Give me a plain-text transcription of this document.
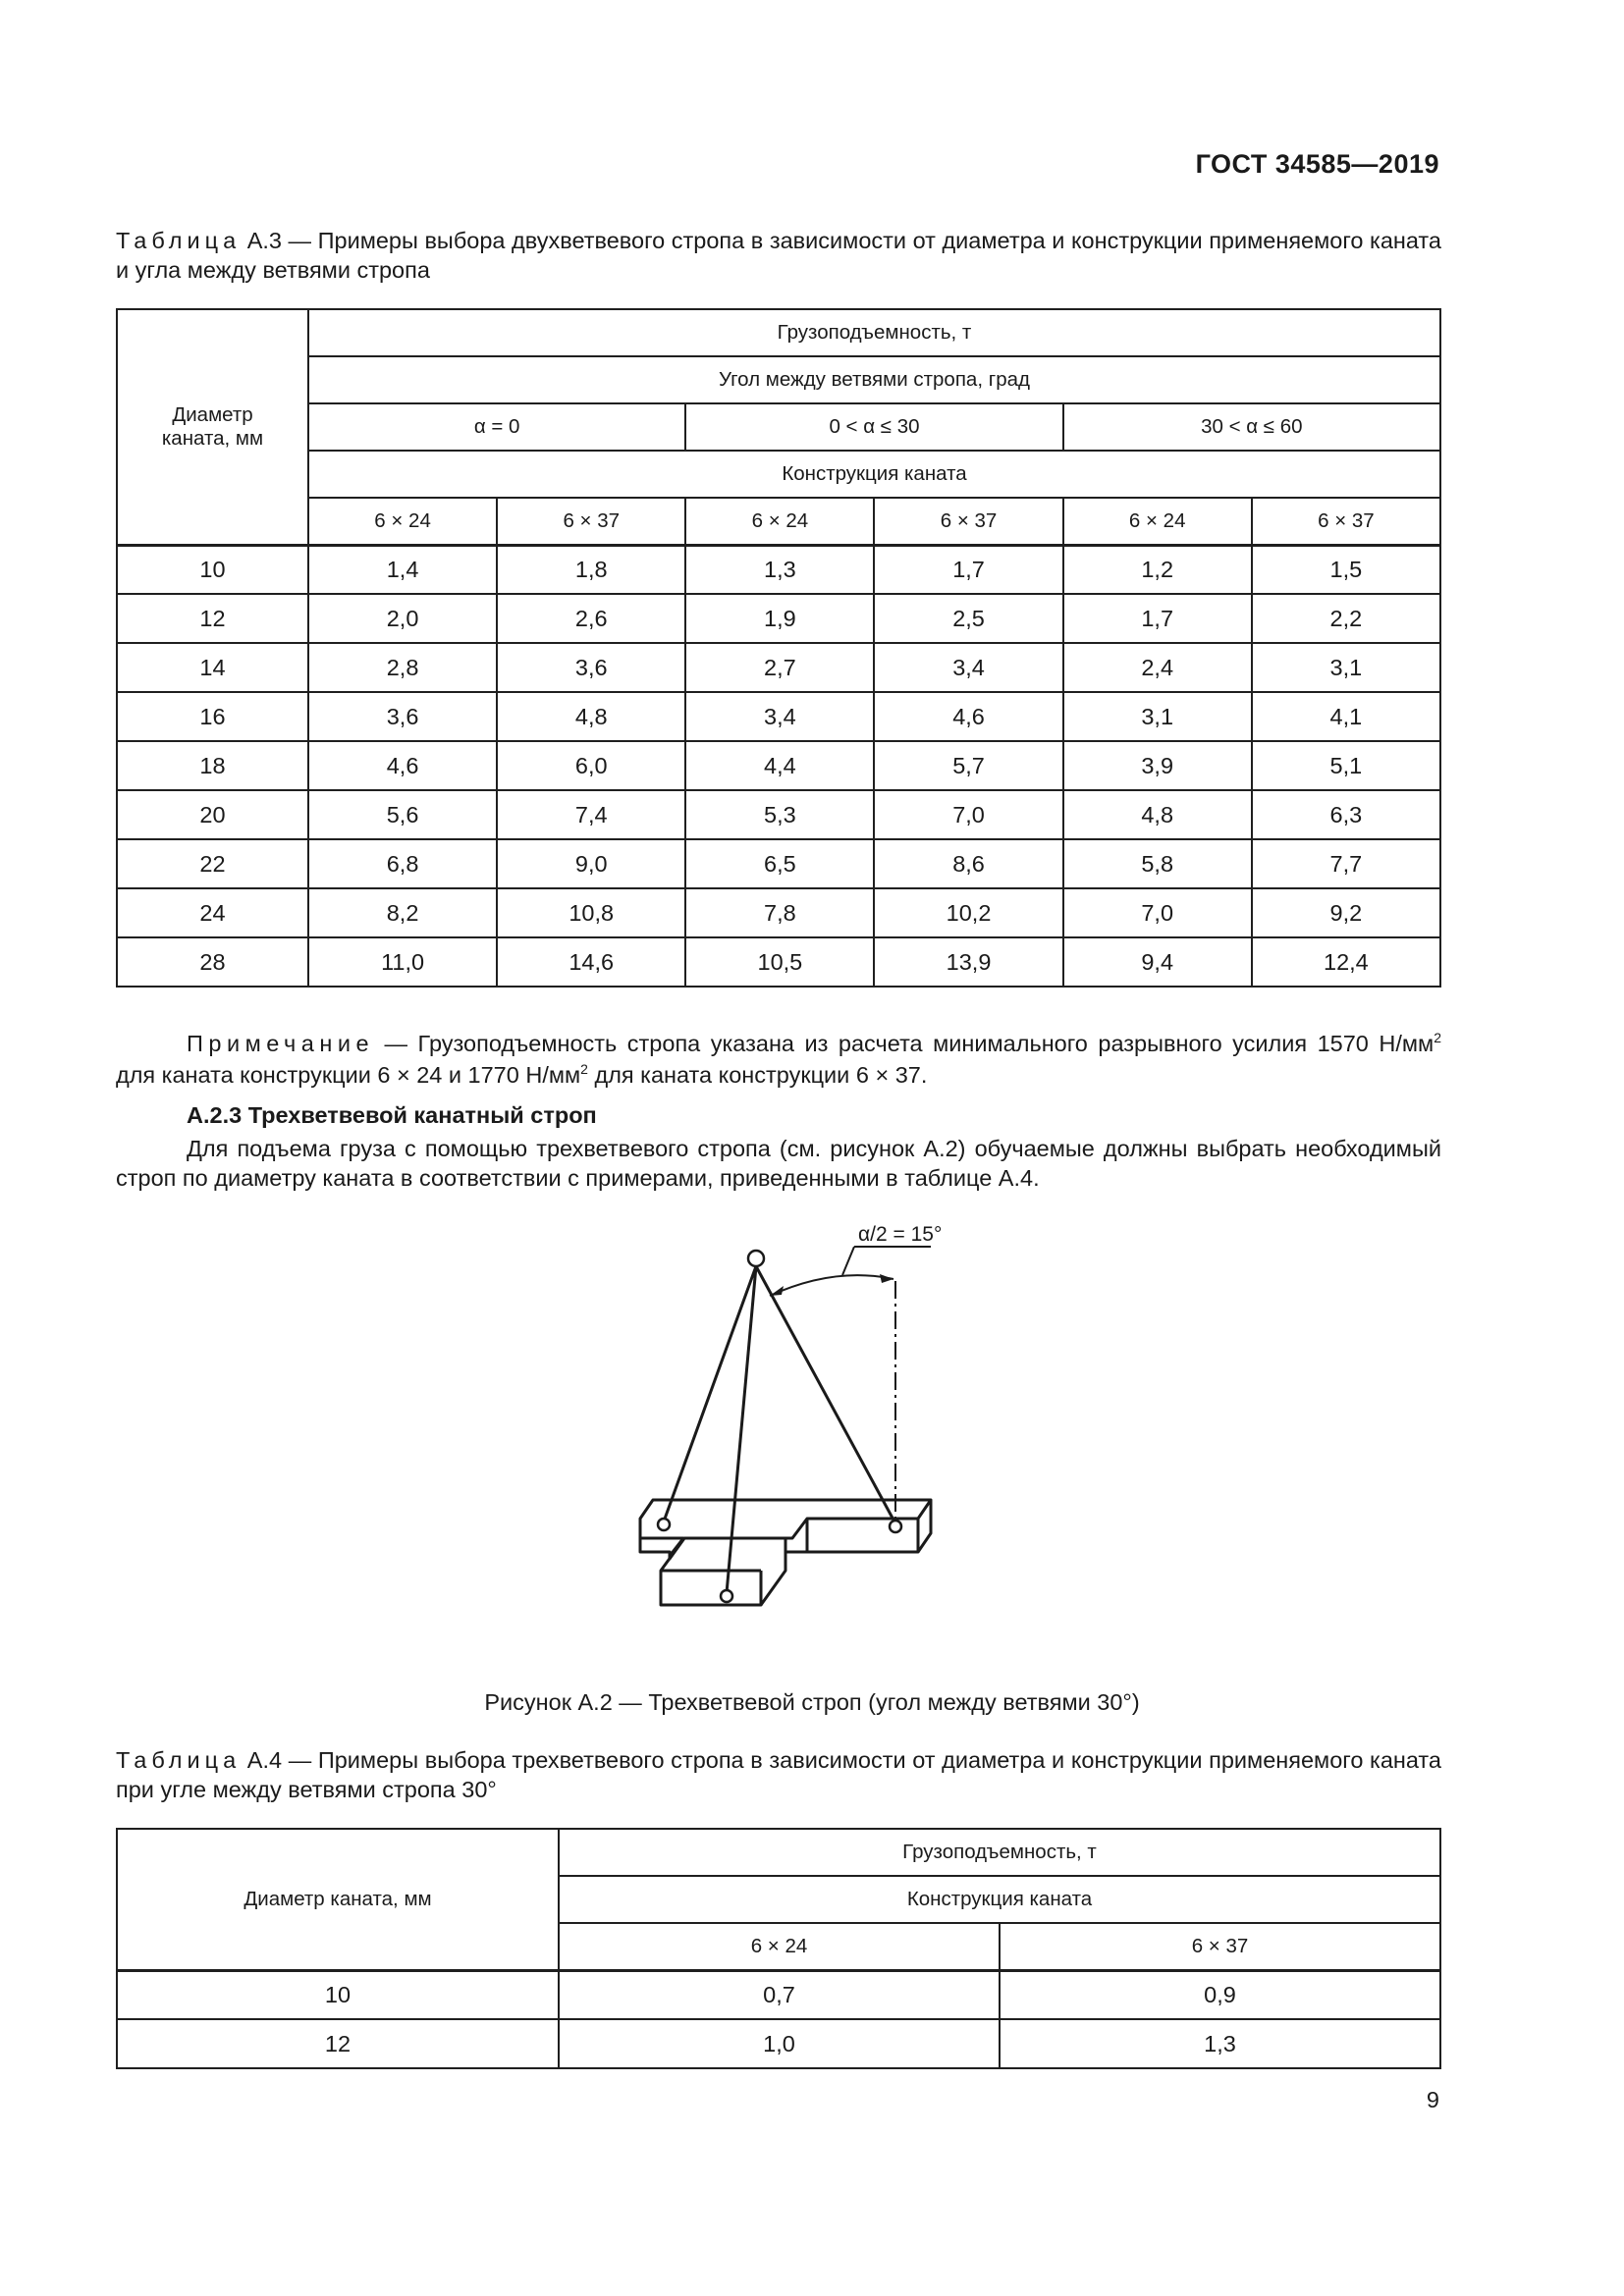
ГОСТ 34585—2019
Таблица А.3 — Примеры выбора двухветвевого стропа в зависимости от диаметра и конструкции применяемого каната и угла между ветвями стропа
Диаметр каната, мм	Грузоподъемность, т					
	Угол между ветвями стропа, град					
	α = 0		0 < α ≤ 30		30 < α ≤ 60	
	Конструкция каната					
	6 × 24	6 × 37	6 × 24	6 × 37	6 × 24	6 × 37
10	1,4	1,8	1,3	1,7	1,2	1,5
12	2,0	2,6	1,9	2,5	1,7	2,2
14	2,8	3,6	2,7	3,4	2,4	3,1
16	3,6	4,8	3,4	4,6	3,1	4,1
18	4,6	6,0	4,4	5,7	3,9	5,1
20	5,6	7,4	5,3	7,0	4,8	6,3
22	6,8	9,0	6,5	8,6	5,8	7,7
24	8,2	10,8	7,8	10,2	7,0	9,2
28	11,0	14,6	10,5	13,9	9,4	12,4
Примечание — Грузоподъемность стропа указана из расчета минимального разрывного усилия 1570 $Н/мм^2$ для каната конструкции 6 × 24 и 1770 $Н/мм^2$ для каната конструкции 6 × 37.
А.2.3 Трехветвевой канатный строп
Для подъема груза с помощью трехветвевого стропа (см. рисунок А.2) обучаемые должны выбрать необходимый строп по диаметру каната в соответствии с примерами, приведенными в таблице А.4.
α/2 = 15°
Рисунок А.2 — Трехветвевой строп (угол между ветвями 30°)
Таблица А.4 — Примеры выбора трехветвевого стропа в зависимости от диаметра и конструкции применяемого каната при угле между ветвями стропа 30°
Диаметр каната, мм	Грузоподъемность, т	
	Конструкция каната	
	6 × 24	6 × 37
10	0,7	0,9
12	1,0	1,3
9
